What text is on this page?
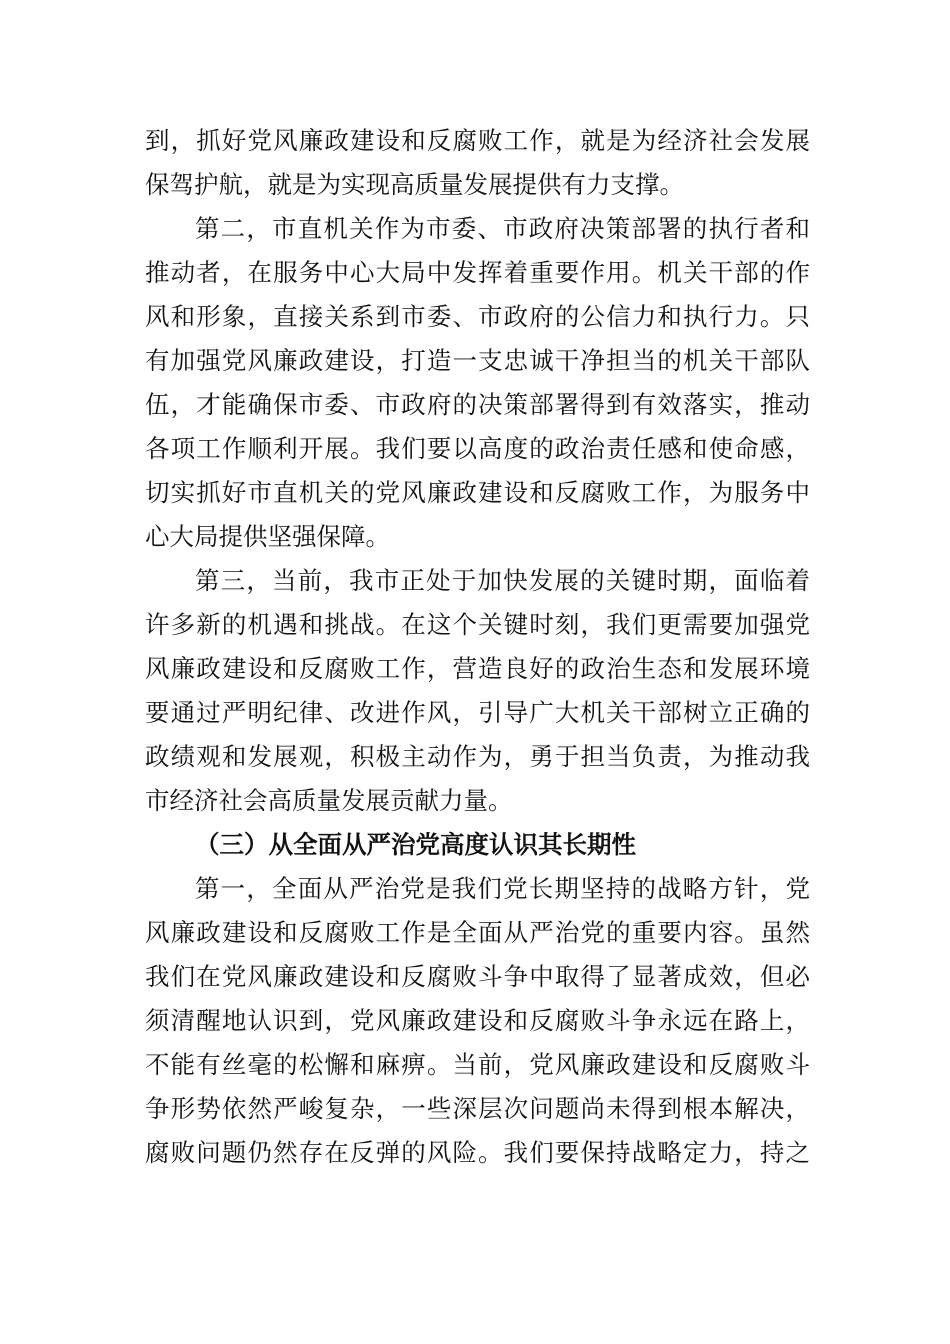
到，抓好党风廉政建设和反腐败工作，就是为经济社会发展
保驾护航，就是为实现高质量发展提供有力支撑。
第二，市直机关作为市委、市政府决策部署的执行者和
推动者，在服务中心大局中发挥着重要作用。机关干部的作
风和形象，直接关系到市委、市政府的公信力和执行力。只
有加强党风廉政建设，打造一支忠诚干净担当的机关干部队
伍，才能确保市委、市政府的决策部署得到有效落实，推动
各项工作顺利开展。我们要以高度的政治责任感和使命感，
切实抓好市直机关的党风廉政建设和反腐败工作，为服务中
心大局提供坚强保障。
第三，当前，我市正处于加快发展的关键时期，面临着
许多新的机遇和挑战。在这个关键时刻，我们更需要加强党
风廉政建设和反腐败工作，营造良好的政治生态和发展环境
要通过严明纪律、改进作风，引导广大机关干部树立正确的
政绩观和发展观，积极主动作为，勇于担当负责，为推动我
市经济社会高质量发展贡献力量。
（三）从全面从严治党高度认识其长期性
第一，全面从严治党是我们党长期坚持的战略方针，党
风廉政建设和反腐败工作是全面从严治党的重要内容。虽然
我们在党风廉政建设和反腐败斗争中取得了显著成效，但必
须清醒地认识到，党风廉政建设和反腐败斗争永远在路上，
不能有丝毫的松懈和麻痹。当前，党风廉政建设和反腐败斗
争形势依然严峻复杂，一些深层次问题尚未得到根本解决，
腐败问题仍然存在反弹的风险。我们要保持战略定力，持之
